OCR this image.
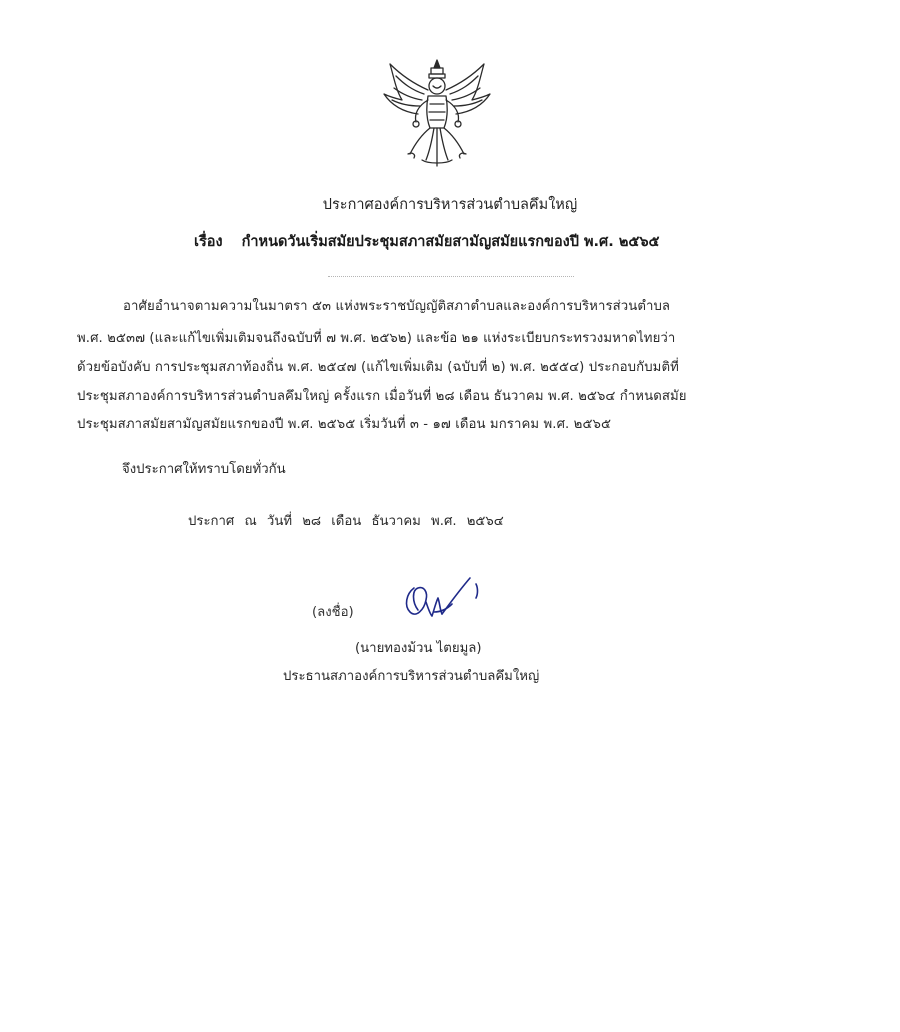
ประกาศองค์การบริหารส่วนตำบลคึมใหญ่
เรื่อง กำหนดวันเริ่มสมัยประชุมสภาสมัยสามัญสมัยแรกของปี พ.ศ. ๒๕๖๕
อาศัยอำนาจตามความในมาตรา ๕๓ แห่งพระราชบัญญัติสภาตำบลและองค์การบริหารส่วนตำบล
พ.ศ. ๒๕๓๗ (และแก้ไขเพิ่มเติมจนถึงฉบับที่ ๗ พ.ศ. ๒๕๖๒) และข้อ ๒๑ แห่งระเบียบกระทรวงมหาดไทยว่า
ด้วยข้อบังคับ การประชุมสภาท้องถิ่น พ.ศ. ๒๕๔๗ (แก้ไขเพิ่มเติม (ฉบับที่ ๒) พ.ศ. ๒๕๕๔) ประกอบกับมติที่
ประชุมสภาองค์การบริหารส่วนตำบลคึมใหญ่ ครั้งแรก เมื่อวันที่ ๒๘ เดือน ธันวาคม พ.ศ. ๒๕๖๔ กำหนดสมัย
ประชุมสภาสมัยสามัญสมัยแรกของปี พ.ศ. ๒๕๖๕ เริ่มวันที่ ๓ - ๑๗ เดือน มกราคม พ.ศ. ๒๕๖๕
จึงประกาศให้ทราบโดยทั่วกัน
ประกาศ ณ วันที่ ๒๘ เดือน ธันวาคม พ.ศ. ๒๕๖๔
(ลงชื่อ)
(นายทองม้วน ไตยมูล)
ประธานสภาองค์การบริหารส่วนตำบลคึมใหญ่
